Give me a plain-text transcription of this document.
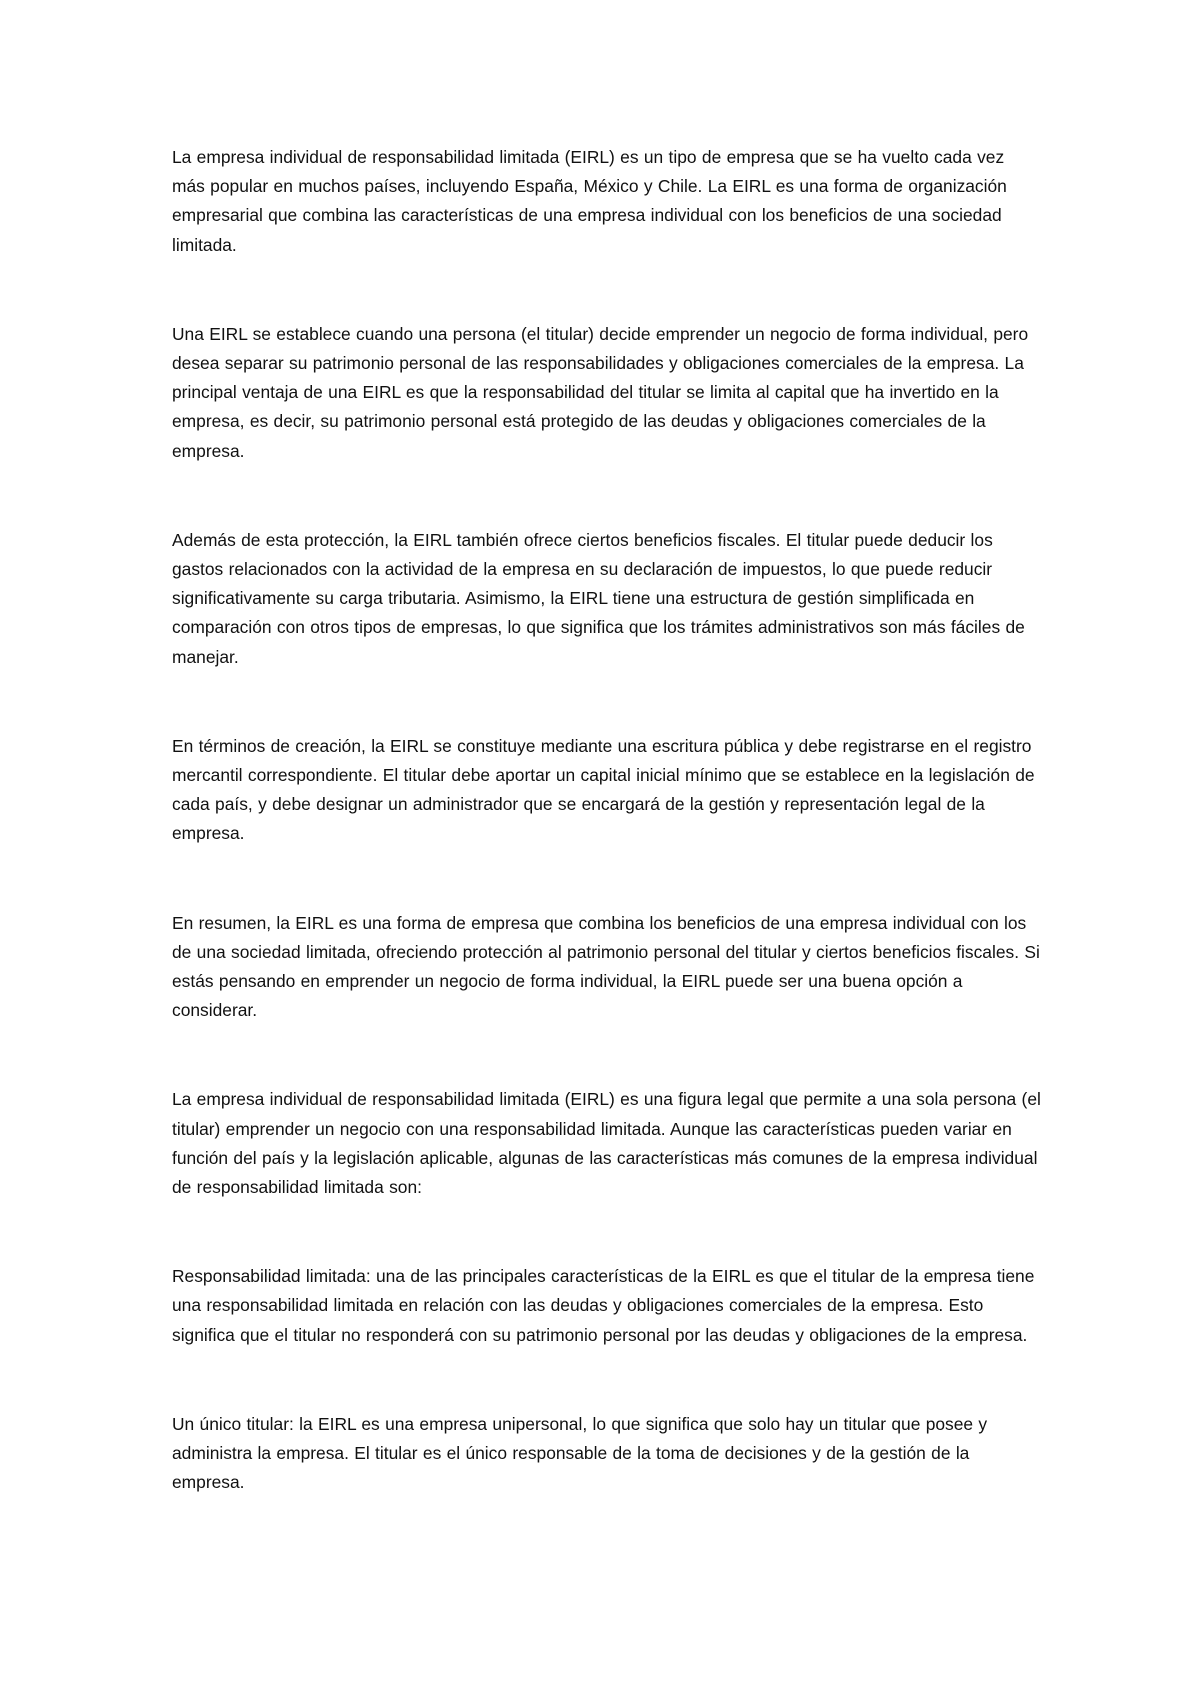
La empresa individual de responsabilidad limitada (EIRL) es un tipo de empresa que se ha vuelto cada vez más popular en muchos países, incluyendo España, México y Chile. La EIRL es una forma de organización empresarial que combina las características de una empresa individual con los beneficios de una sociedad limitada.

Una EIRL se establece cuando una persona (el titular) decide emprender un negocio de forma individual, pero desea separar su patrimonio personal de las responsabilidades y obligaciones comerciales de la empresa. La principal ventaja de una EIRL es que la responsabilidad del titular se limita al capital que ha invertido en la empresa, es decir, su patrimonio personal está protegido de las deudas y obligaciones comerciales de la empresa.

Además de esta protección, la EIRL también ofrece ciertos beneficios fiscales. El titular puede deducir los gastos relacionados con la actividad de la empresa en su declaración de impuestos, lo que puede reducir significativamente su carga tributaria. Asimismo, la EIRL tiene una estructura de gestión simplificada en comparación con otros tipos de empresas, lo que significa que los trámites administrativos son más fáciles de manejar.

En términos de creación, la EIRL se constituye mediante una escritura pública y debe registrarse en el registro mercantil correspondiente. El titular debe aportar un capital inicial mínimo que se establece en la legislación de cada país, y debe designar un administrador que se encargará de la gestión y representación legal de la empresa.

En resumen, la EIRL es una forma de empresa que combina los beneficios de una empresa individual con los de una sociedad limitada, ofreciendo protección al patrimonio personal del titular y ciertos beneficios fiscales. Si estás pensando en emprender un negocio de forma individual, la EIRL puede ser una buena opción a considerar.

La empresa individual de responsabilidad limitada (EIRL) es una figura legal que permite a una sola persona (el titular) emprender un negocio con una responsabilidad limitada. Aunque las características pueden variar en función del país y la legislación aplicable, algunas de las características más comunes de la empresa individual de responsabilidad limitada son:

Responsabilidad limitada: una de las principales características de la EIRL es que el titular de la empresa tiene una responsabilidad limitada en relación con las deudas y obligaciones comerciales de la empresa. Esto significa que el titular no responderá con su patrimonio personal por las deudas y obligaciones de la empresa.

Un único titular: la EIRL es una empresa unipersonal, lo que significa que solo hay un titular que posee y administra la empresa. El titular es el único responsable de la toma de decisiones y de la gestión de la empresa.
